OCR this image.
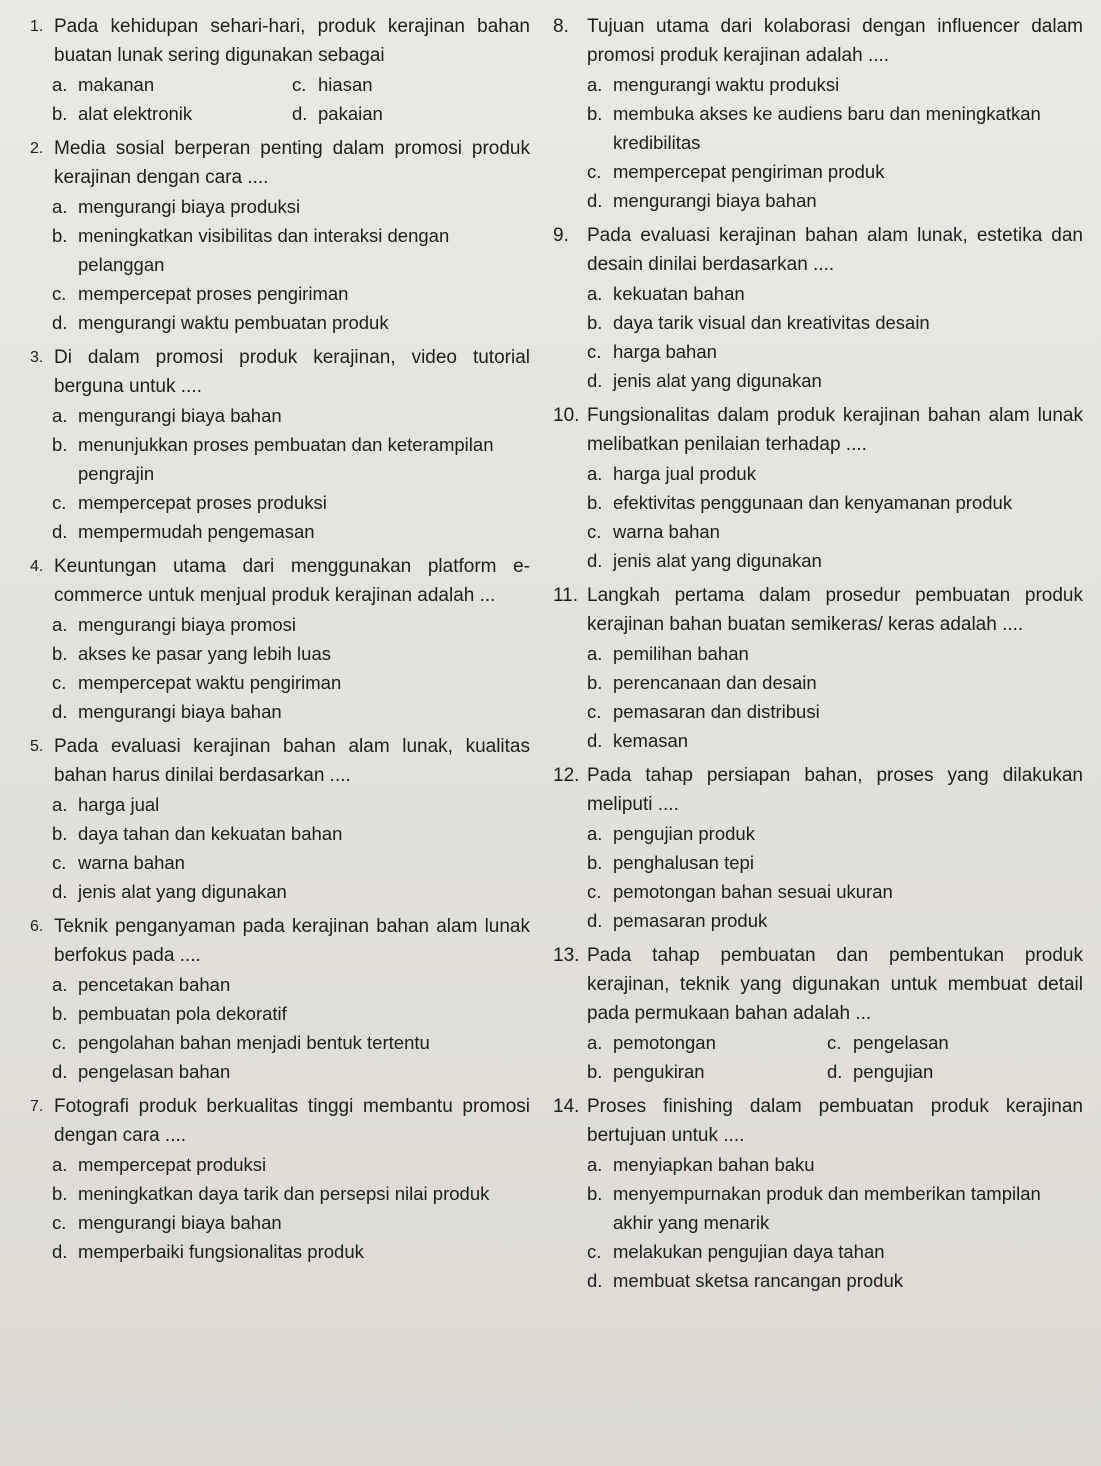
1. Pada kehidupan sehari-hari, produk kerajinan bahan buatan lunak sering digunakan sebagai
a. makanan	c. hiasan
b. alat elektronik	d. pakaian
2. Media sosial berperan penting dalam promosi produk kerajinan dengan cara ....
a. mengurangi biaya produksi
b. meningkatkan visibilitas dan interaksi dengan pelanggan
c. mempercepat proses pengiriman
d. mengurangi waktu pembuatan produk
3. Di dalam promosi produk kerajinan, video tutorial berguna untuk ....
a. mengurangi biaya bahan
b. menunjukkan proses pembuatan dan keterampilan pengrajin
c. mempercepat proses produksi
d. mempermudah pengemasan
4. Keuntungan utama dari menggunakan platform e-commerce untuk menjual produk kerajinan adalah ...
a. mengurangi biaya promosi
b. akses ke pasar yang lebih luas
c. mempercepat waktu pengiriman
d. mengurangi biaya bahan
5. Pada evaluasi kerajinan bahan alam lunak, kualitas bahan harus dinilai berdasarkan ....
a. harga jual
b. daya tahan dan kekuatan bahan
c. warna bahan
d. jenis alat yang digunakan
6. Teknik penganyaman pada kerajinan bahan alam lunak berfokus pada ....
a. pencetakan bahan
b. pembuatan pola dekoratif
c. pengolahan bahan menjadi bentuk tertentu
d. pengelasan bahan
7. Fotografi produk berkualitas tinggi membantu promosi dengan cara ....
a. mempercepat produksi
b. meningkatkan daya tarik dan persepsi nilai produk
c. mengurangi biaya bahan
d. memperbaiki fungsionalitas produk
8. Tujuan utama dari kolaborasi dengan influencer dalam promosi produk kerajinan adalah ....
a. mengurangi waktu produksi
b. membuka akses ke audiens baru dan meningkatkan kredibilitas
c. mempercepat pengiriman produk
d. mengurangi biaya bahan
9. Pada evaluasi kerajinan bahan alam lunak, estetika dan desain dinilai berdasarkan ....
a. kekuatan bahan
b. daya tarik visual dan kreativitas desain
c. harga bahan
d. jenis alat yang digunakan
10. Fungsionalitas dalam produk kerajinan bahan alam lunak melibatkan penilaian terhadap ....
a. harga jual produk
b. efektivitas penggunaan dan kenyamanan produk
c. warna bahan
d. jenis alat yang digunakan
11. Langkah pertama dalam prosedur pembuatan produk kerajinan bahan buatan semikeras/ keras adalah ....
a. pemilihan bahan
b. perencanaan dan desain
c. pemasaran dan distribusi
d. kemasan
12. Pada tahap persiapan bahan, proses yang dilakukan meliputi ....
a. pengujian produk
b. penghalusan tepi
c. pemotongan bahan sesuai ukuran
d. pemasaran produk
13. Pada tahap pembuatan dan pembentukan produk kerajinan, teknik yang digunakan untuk membuat detail pada permukaan bahan adalah ...
a. pemotongan	c. pengelasan
b. pengukiran	d. pengujian
14. Proses finishing dalam pembuatan produk kerajinan bertujuan untuk ....
a. menyiapkan bahan baku
b. menyempurnakan produk dan memberikan tampilan akhir yang menarik
c. melakukan pengujian daya tahan
d. membuat sketsa rancangan produk
